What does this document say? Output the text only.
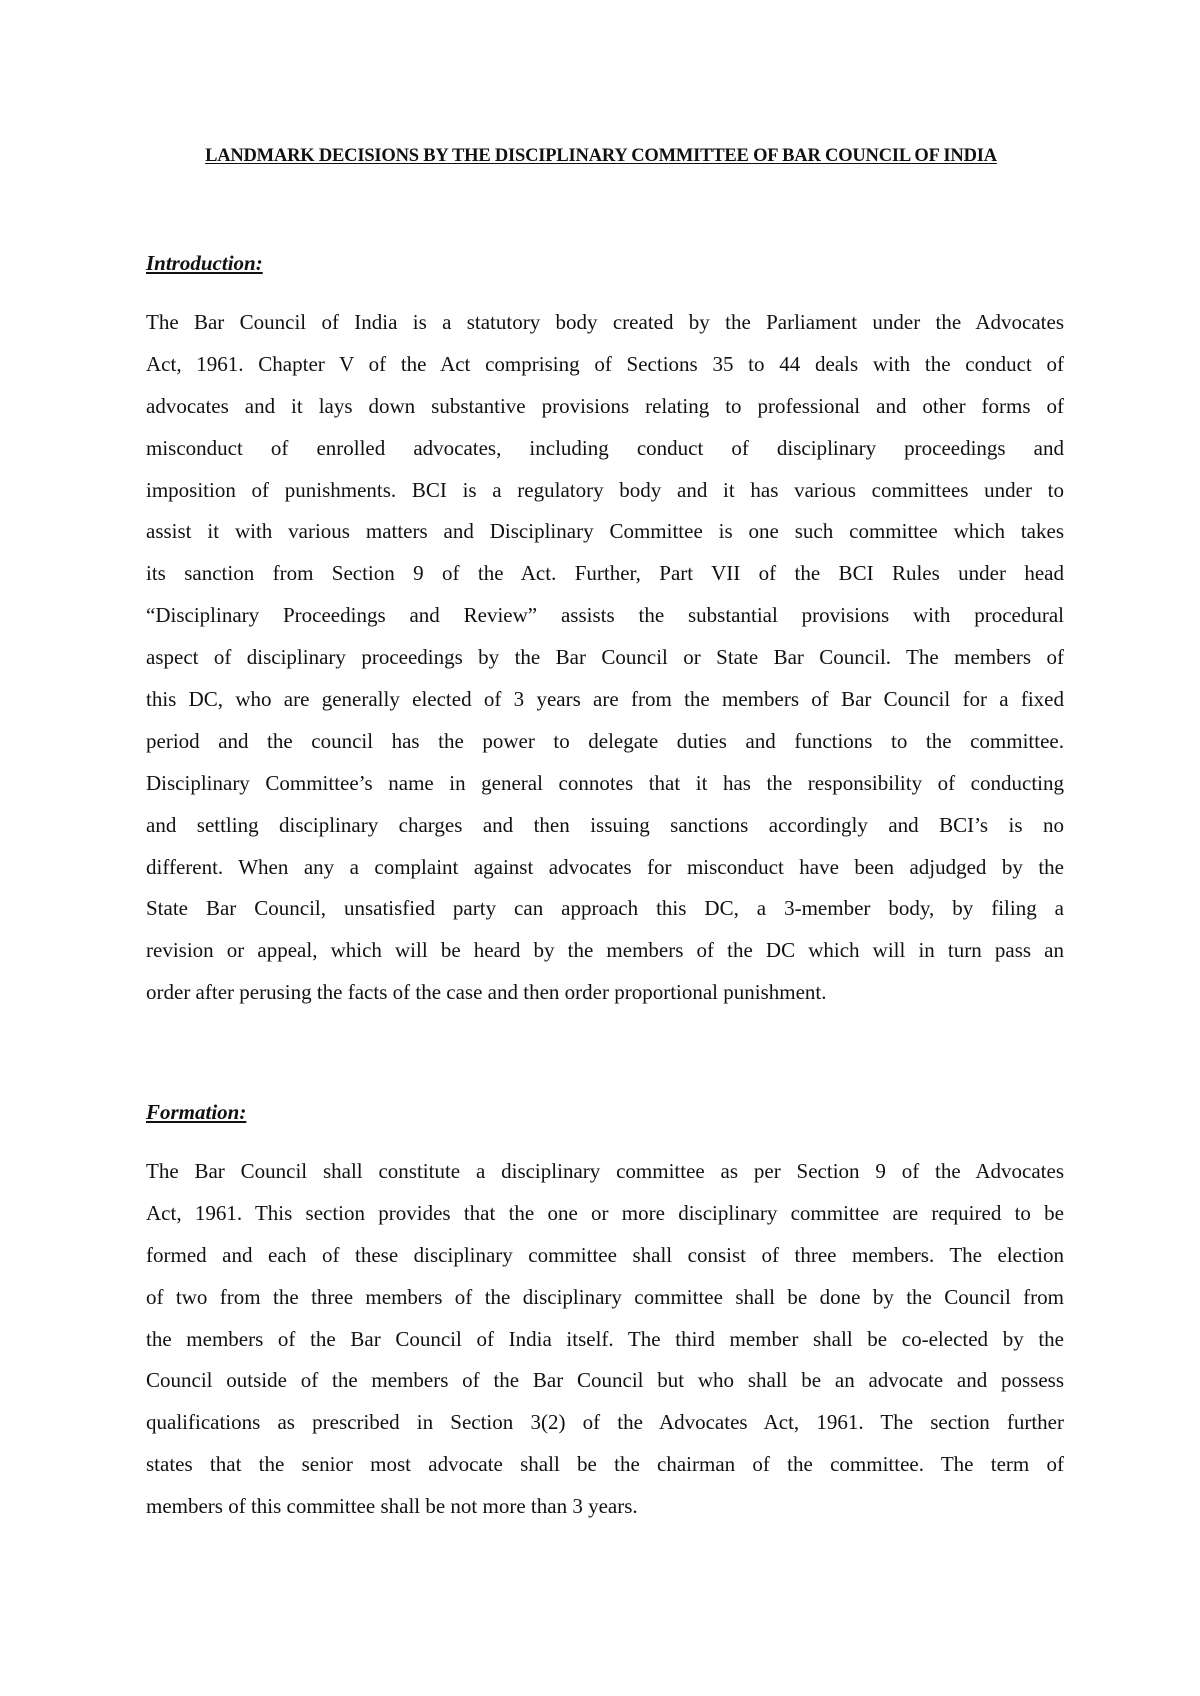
LANDMARK DECISIONS BY THE DISCIPLINARY COMMITTEE OF BAR COUNCIL OF INDIA
Introduction:
The Bar Council of India is a statutory body created by the Parliament under the Advocates
Act, 1961. Chapter V of the Act comprising of Sections 35 to 44 deals with the conduct of
advocates and it lays down substantive provisions relating to professional and other forms of
misconduct of enrolled advocates, including conduct of disciplinary proceedings and
imposition of punishments. BCI is a regulatory body and it has various committees under to
assist it with various matters and Disciplinary Committee is one such committee which takes
its sanction from Section 9 of the Act. Further, Part VII of the BCI Rules under head
“Disciplinary Proceedings and Review” assists the substantial provisions with procedural
aspect of disciplinary proceedings by the Bar Council or State Bar Council. The members of
this DC, who are generally elected of 3 years are from the members of Bar Council for a fixed
period and the council has the power to delegate duties and functions to the committee.
Disciplinary Committee’s name in general connotes that it has the responsibility of conducting
and settling disciplinary charges and then issuing sanctions accordingly and BCI’s is no
different. When any a complaint against advocates for misconduct have been adjudged by the
State Bar Council, unsatisfied party can approach this DC, a 3-member body, by filing a
revision or appeal, which will be heard by the members of the DC which will in turn pass an
order after perusing the facts of the case and then order proportional punishment.
Formation:
The Bar Council shall constitute a disciplinary committee as per Section 9 of the Advocates
Act, 1961. This section provides that the one or more disciplinary committee are required to be
formed and each of these disciplinary committee shall consist of three members. The election
of two from the three members of the disciplinary committee shall be done by the Council from
the members of the Bar Council of India itself. The third member shall be co-elected by the
Council outside of the members of the Bar Council but who shall be an advocate and possess
qualifications as prescribed in Section 3(2) of the Advocates Act, 1961. The section further
states that the senior most advocate shall be the chairman of the committee. The term of
members of this committee shall be not more than 3 years.
